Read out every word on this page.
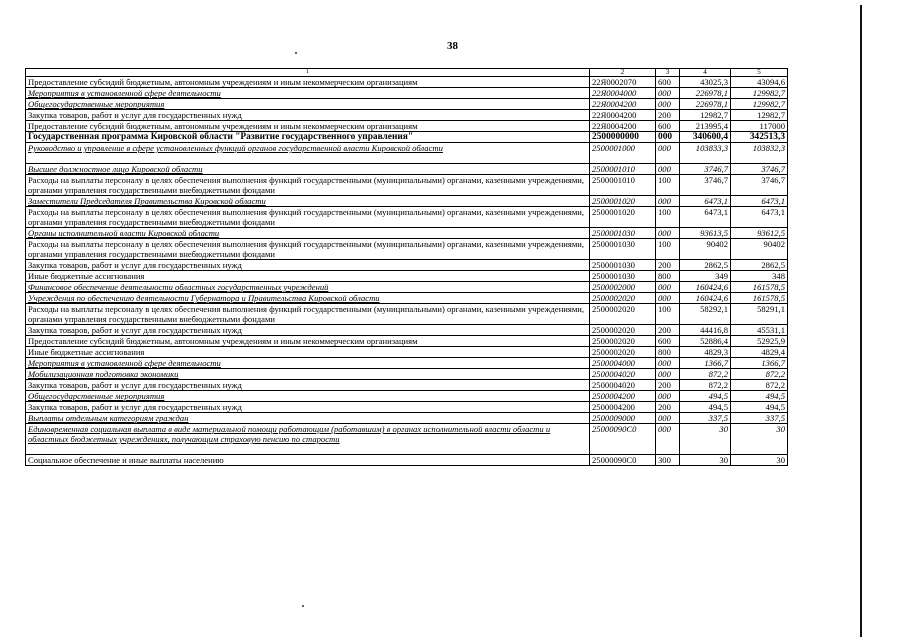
38
1	2	3	4	5
Предоставление субсидий бюджетным, автономным учреждениям и иным некоммерческим организациям	22Я0002070	600	43025,3	43094,6
Мероприятия в установленной сфере деятельности	22Я0004000	000	226978,1	129982,7
Общегосударственные мероприятия	22Я0004200	000	226978,1	129982,7
Закупка товаров, работ и услуг для государственных нужд	22Я0004200	200	12982,7	12982,7
Предоставление субсидий бюджетным, автономным учреждениям и иным некоммерческим организациям	22Я0004200	600	213995,4	117000
Государственная программа Кировской области "Развитие государственного управления"	2500000000	000	340600,4	342513,3
Руководство и управление в сфере установленных функций органов государственной власти Кировской области	2500001000	000	103833,3	103832,3
Высшее должностное лицо Кировской области	2500001010	000	3746,7	3746,7
Расходы на выплаты персоналу в целях обеспечения выполнения функций государственными (муниципальными) органами, казенными учреждениями, органами управления государственными внебюджетными фондами	2500001010	100	3746,7	3746,7
Заместители Председателя Правительства Кировской области	2500001020	000	6473,1	6473,1
Расходы на выплаты персоналу в целях обеспечения выполнения функций государственными (муниципальными) органами, казенными учреждениями, органами управления государственными внебюджетными фондами	2500001020	100	6473,1	6473,1
Органы исполнительной власти Кировской области	2500001030	000	93613,5	93612,5
Расходы на выплаты персоналу в целях обеспечения выполнения функций государственными (муниципальными) органами, казенными учреждениями, органами управления государственными внебюджетными фондами	2500001030	100	90402	90402
Закупка товаров, работ и услуг для государственных нужд	2500001030	200	2862,5	2862,5
Иные бюджетные ассигнования	2500001030	800	349	348
Финансовое обеспечение деятельности областных государственных учреждений	2500002000	000	160424,6	161578,5
Учреждения по обеспечению деятельности Губернатора и Правительства Кировской области	2500002020	000	160424,6	161578,5
Расходы на выплаты персоналу в целях обеспечения выполнения функций государственными (муниципальными) органами, казенными учреждениями, органами управления государственными внебюджетными фондами	2500002020	100	58292,1	58291,1
Закупка товаров, работ и услуг для государственных нужд	2500002020	200	44416,8	45531,1
Предоставление субсидий бюджетным, автономным учреждениям и иным некоммерческим организациям	2500002020	600	52886,4	52925,9
Иные бюджетные ассигнования	2500002020	800	4829,3	4829,4
Мероприятия в установленной сфере деятельности	2500004000	000	1366,7	1366,7
Мобилизационная подготовка экономики	2500004020	000	872,2	872,2
Закупка товаров, работ и услуг для государственных нужд	2500004020	200	872,2	872,2
Общегосударственные мероприятия	2500004200	000	494,5	494,5
Закупка товаров, работ и услуг для государственных нужд	2500004200	200	494,5	494,5
Выплаты отдельным категориям граждан	2500009000	000	337,5	337,5
Единовременная социальная выплата в виде материальной помощи работающим (работавшим) в органах исполнительной власти области и областных бюджетных учреждениях, получающим страховую пенсию по старости	25000090С0	000	30	30
Социальное обеспечение и иные выплаты населению	25000090С0	300	30	30
